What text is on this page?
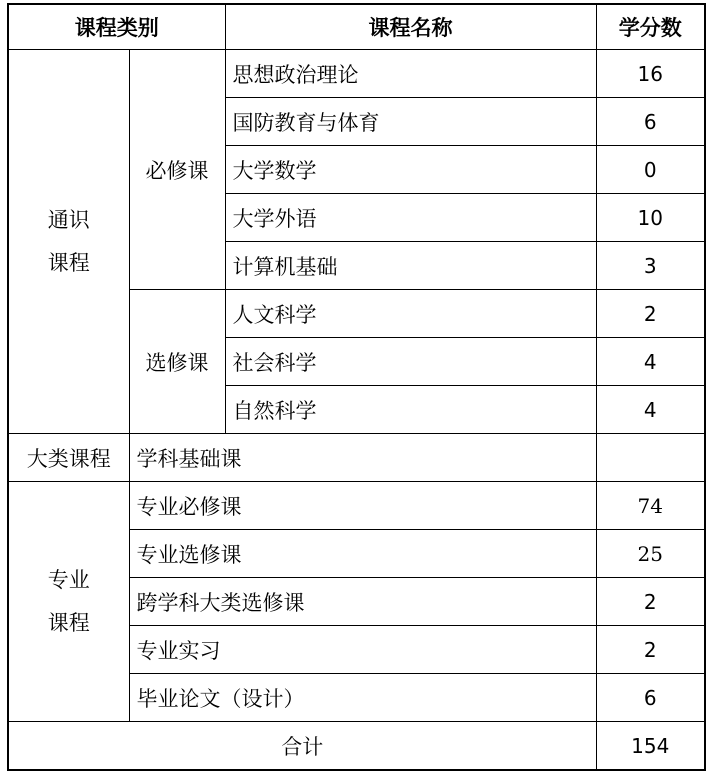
课程类别		课程名称	学分数

通识
课程	必修课	思想政治理论	16
		国防教育与体育	6
		大学数学	0
		大学外语	10
		计算机基础	3
	选修课	人文科学	2
		社会科学	4
		自然科学	4
大类课程	学科基础课		

专业
课程	专业必修课		74
	专业选修课		25
	跨学科大类选修课		2
	专业实习		2
	毕业论文（设计）		6
合计			154
